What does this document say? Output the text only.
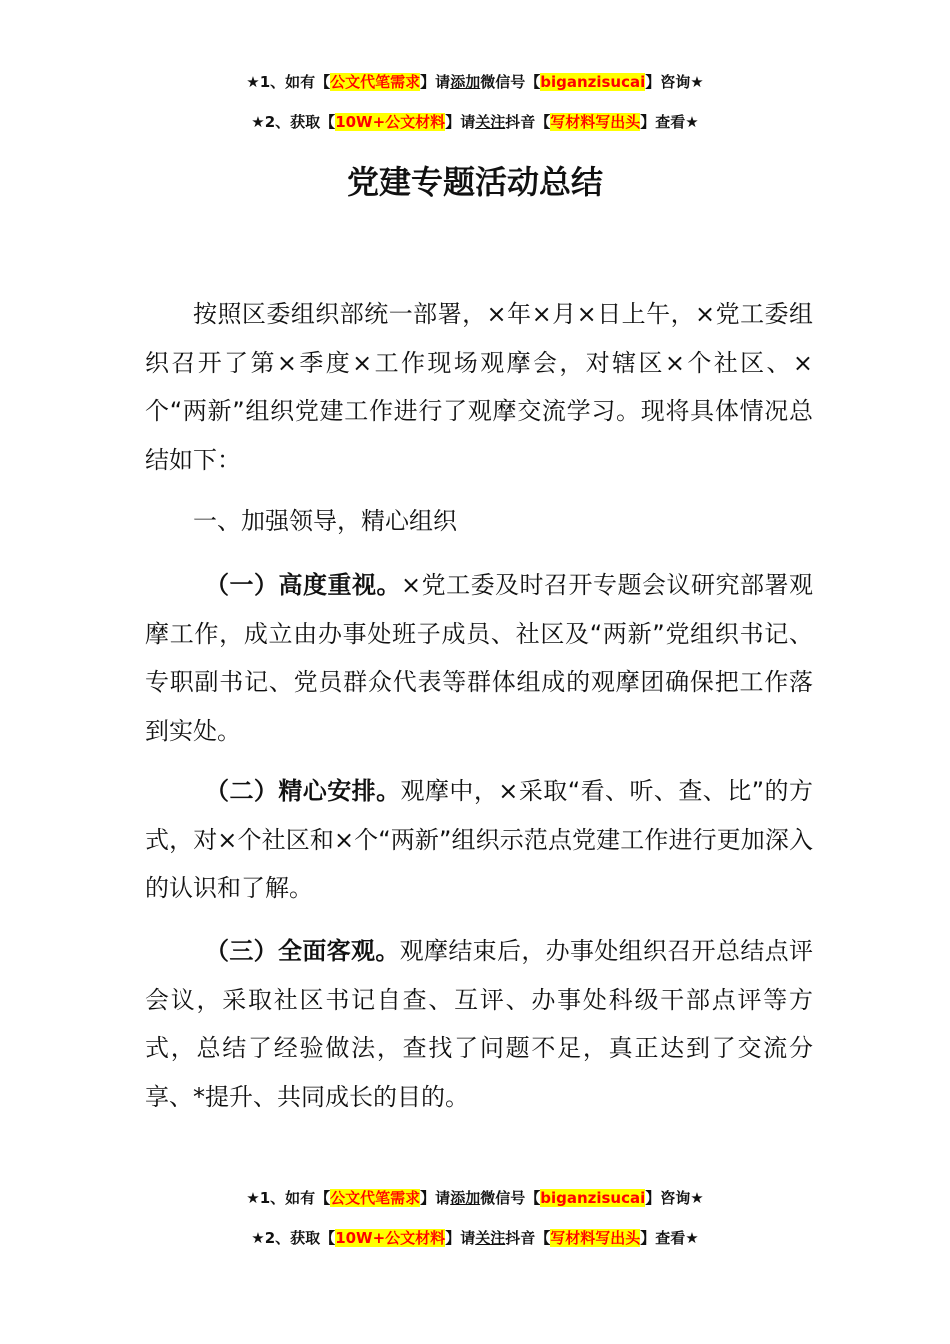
★1、如有【公文代笔需求】请添加微信号【biganzisucai】咨询★
★2、获取【10W+公文材料】请关注抖音【写材料写出头】查看★
党建专题活动总结

按照区委组织部统一部署，×年×月×日上午，×党工委组织召开了第×季度×工作现场观摩会，对辖区×个社区、×个“两新”组织党建工作进行了观摩交流学习。现将具体情况总结如下：

一、加强领导，精心组织

（一）高度重视。×党工委及时召开专题会议研究部署观摩工作，成立由办事处班子成员、社区及“两新”党组织书记、专职副书记、党员群众代表等群体组成的观摩团确保把工作落到实处。

（二）精心安排。观摩中，×采取“看、听、查、比”的方式，对×个社区和×个“两新”组织示范点党建工作进行更加深入的认识和了解。

（三）全面客观。观摩结束后，办事处组织召开总结点评会议，采取社区书记自查、互评、办事处科级干部点评等方式，总结了经验做法，查找了问题不足，真正达到了交流分享、*提升、共同成长的目的。

★1、如有【公文代笔需求】请添加微信号【biganzisucai】咨询★
★2、获取【10W+公文材料】请关注抖音【写材料写出头】查看★
